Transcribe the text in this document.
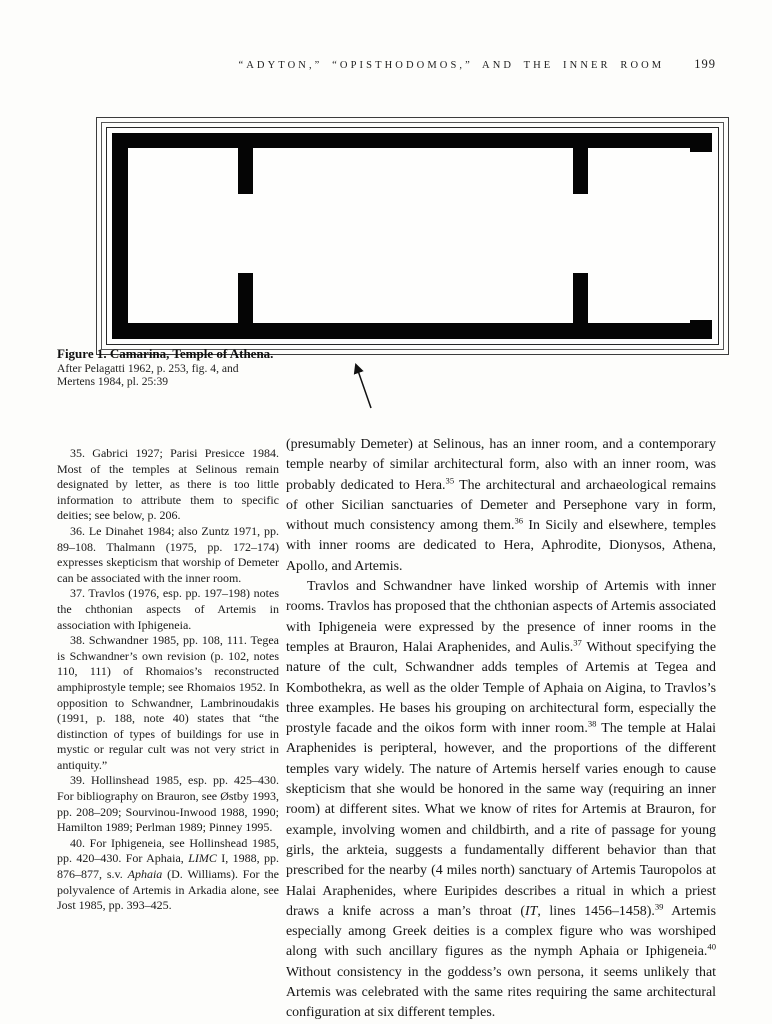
“ADYTON,” “OPISTHODOMOS,” AND THE INNER ROOM 199
Figure 1. Camarina, Temple of Athena.
After Pelagatti 1962, p. 253, fig. 4, and
Mertens 1984, pl. 25:39

35. Gabrici 1927; Parisi Presicce 1984. Most of the temples at Selinous remain designated by letter, as there is too little information to attribute them to specific deities; see below, p. 206.

36. Le Dinahet 1984; also Zuntz 1971, pp. 89–108. Thalmann (1975, pp. 172–174) expresses skepticism that worship of Demeter can be associated with the inner room.

37. Travlos (1976, esp. pp. 197–198) notes the chthonian aspects of Artemis in association with Iphigeneia.

38. Schwandner 1985, pp. 108, 111. Tegea is Schwandner’s own revision (p. 102, notes 110, 111) of Rhomaios’s reconstructed amphiprostyle temple; see Rhomaios 1952. In opposition to Schwandner, Lambrinoudakis (1991, p. 188, note 40) states that “the distinction of types of buildings for use in mystic or regular cult was not very strict in antiquity.”

39. Hollinshead 1985, esp. pp. 425–430. For bibliography on Brauron, see Østby 1993, pp. 208–209; Sourvinou-Inwood 1988, 1990; Hamilton 1989; Perlman 1989; Pinney 1995.

40. For Iphigeneia, see Hollinshead 1985, pp. 420–430. For Aphaia, LIMC I, 1988, pp. 876–877, s.v. Aphaia (D. Williams). For the polyvalence of Artemis in Arkadia alone, see Jost 1985, pp. 393–425.

(presumably Demeter) at Selinous, has an inner room, and a contemporary temple nearby of similar architectural form, also with an inner room, was probably dedicated to Hera.$^{35}$ The architectural and archaeological remains of other Sicilian sanctuaries of Demeter and Persephone vary in form, without much consistency among them.$^{36}$ In Sicily and elsewhere, temples with inner rooms are dedicated to Hera, Aphrodite, Dionysos, Athena, Apollo, and Artemis.

Travlos and Schwandner have linked worship of Artemis with inner rooms. Travlos has proposed that the chthonian aspects of Artemis associated with Iphigeneia were expressed by the presence of inner rooms in the temples at Brauron, Halai Araphenides, and Aulis.$^{37}$ Without specifying the nature of the cult, Schwandner adds temples of Artemis at Tegea and Kombothekra, as well as the older Temple of Aphaia on Aigina, to Travlos’s three examples. He bases his grouping on architectural form, especially the prostyle facade and the oikos form with inner room.$^{38}$ The temple at Halai Araphenides is peripteral, however, and the proportions of the different temples vary widely. The nature of Artemis herself varies enough to cause skepticism that she would be honored in the same way (requiring an inner room) at different sites. What we know of rites for Artemis at Brauron, for example, involving women and childbirth, and a rite of passage for young girls, the arkteia, suggests a fundamentally different behavior than that prescribed for the nearby (4 miles north) sanctuary of Artemis Tauropolos at Halai Araphenides, where Euripides describes a ritual in which a priest draws a knife across a man’s throat (IT, lines 1456–1458).$^{39}$ Artemis especially among Greek deities is a complex figure who was worshiped along with such ancillary figures as the nymph Aphaia or Iphigeneia.$^{40}$ Without consistency in the goddess’s own persona, it seems unlikely that Artemis was celebrated with the same rites requiring the same architectural configuration at six different temples.
